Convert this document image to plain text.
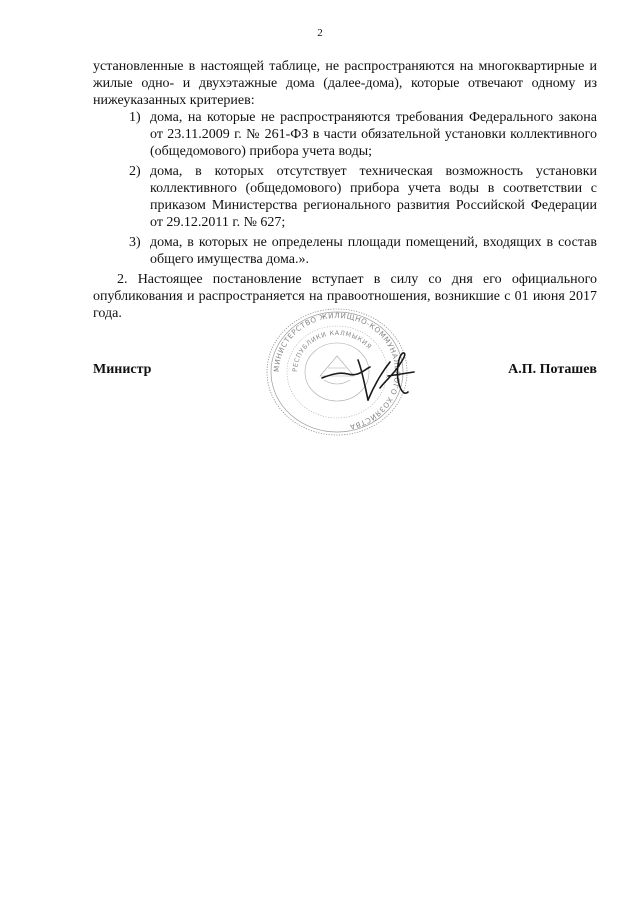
2

установленные в настоящей таблице, не распространяются на многоквартирные и жилые одно- и двухэтажные дома (далее-дома), которые отвечают одному из нижеуказанных критериев:

1) дома, на которые не распространяются требования Федерального закона от 23.11.2009 г. № 261-ФЗ в части обязательной установки коллективного (общедомового) прибора учета воды;
2) дома, в которых отсутствует техническая возможность установки коллективного (общедомового) прибора учета воды в соответствии с приказом Министерства регионального развития Российской Федерации от 29.12.2011 г. № 627;
3) дома, в которых не определены площади помещений, входящих в состав общего имущества дома.».

2. Настоящее постановление вступает в силу со дня его официального опубликования и распространяется на правоотношения, возникшие с 01 июня 2017 года.

МИНИСТЕРСТВО ЖИЛИЩНО-КОММУНАЛЬНОГО ХОЗЯЙСТВА
РЕСПУБЛИКИ КАЛМЫКИЯ
Министр	А.П. Поташев
